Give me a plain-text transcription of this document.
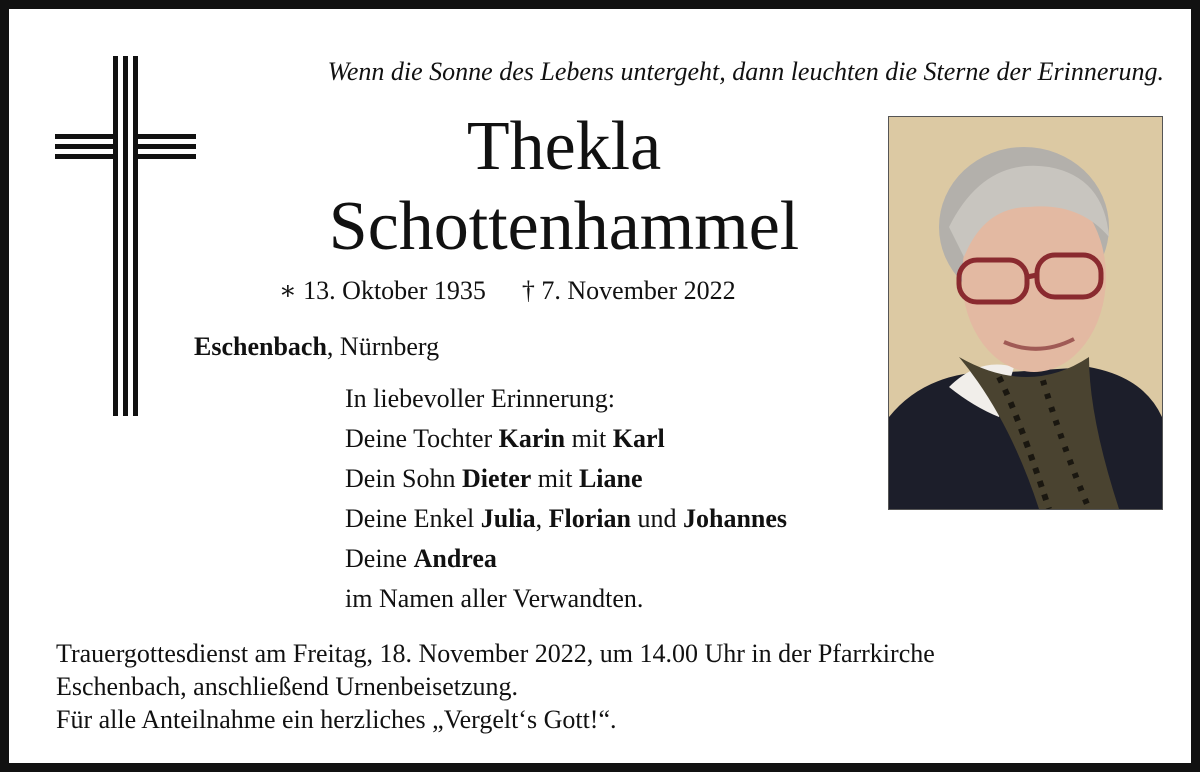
Wenn die Sonne des Lebens untergeht, dann leuchten die Sterne der Erinnerung.
Thekla
Schottenhammel
∗ 13. Oktober 1935 † 7. November 2022
Eschenbach, Nürnberg
In liebevoller Erinnerung:
Deine Tochter Karin mit Karl
Dein Sohn Dieter mit Liane
Deine Enkel Julia, Florian und Johannes
Deine Andrea
im Namen aller Verwandten.
Trauergottesdienst am Freitag, 18. November 2022, um 14.00 Uhr in der Pfarrkirche
Eschenbach, anschließend Urnenbeisetzung.
Für alle Anteilnahme ein herzliches „Vergelt‘s Gott!“.
